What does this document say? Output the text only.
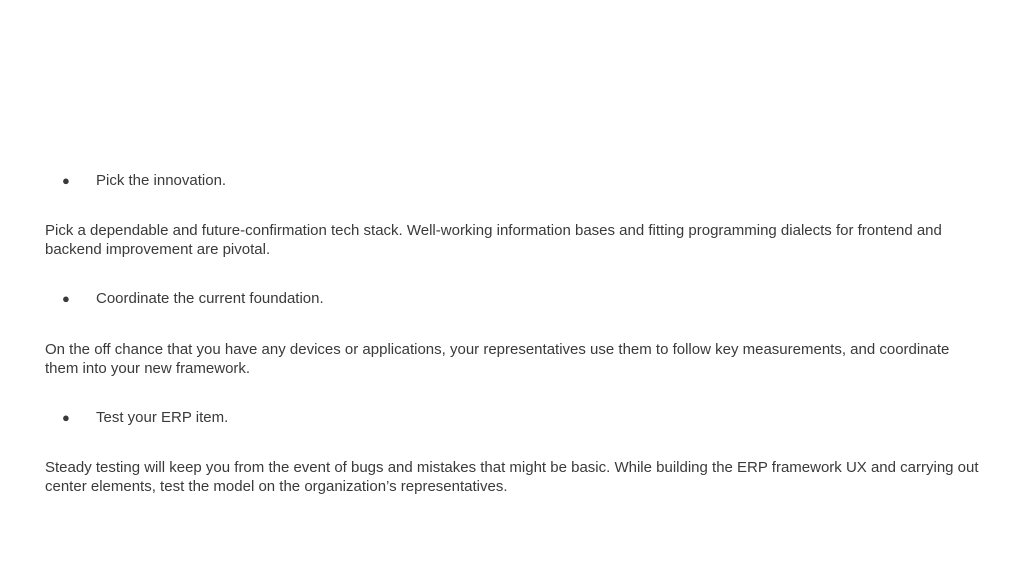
● Pick the innovation.

Pick a dependable and future-confirmation tech stack. Well-working information bases and fitting programming dialects for frontend and backend improvement are pivotal.

● Coordinate the current foundation.

On the off chance that you have any devices or applications, your representatives use them to follow key measurements, and coordinate them into your new framework.

● Test your ERP item.

Steady testing will keep you from the event of bugs and mistakes that might be basic. While building the ERP framework UX and carrying out center elements, test the model on the organization’s representatives.
